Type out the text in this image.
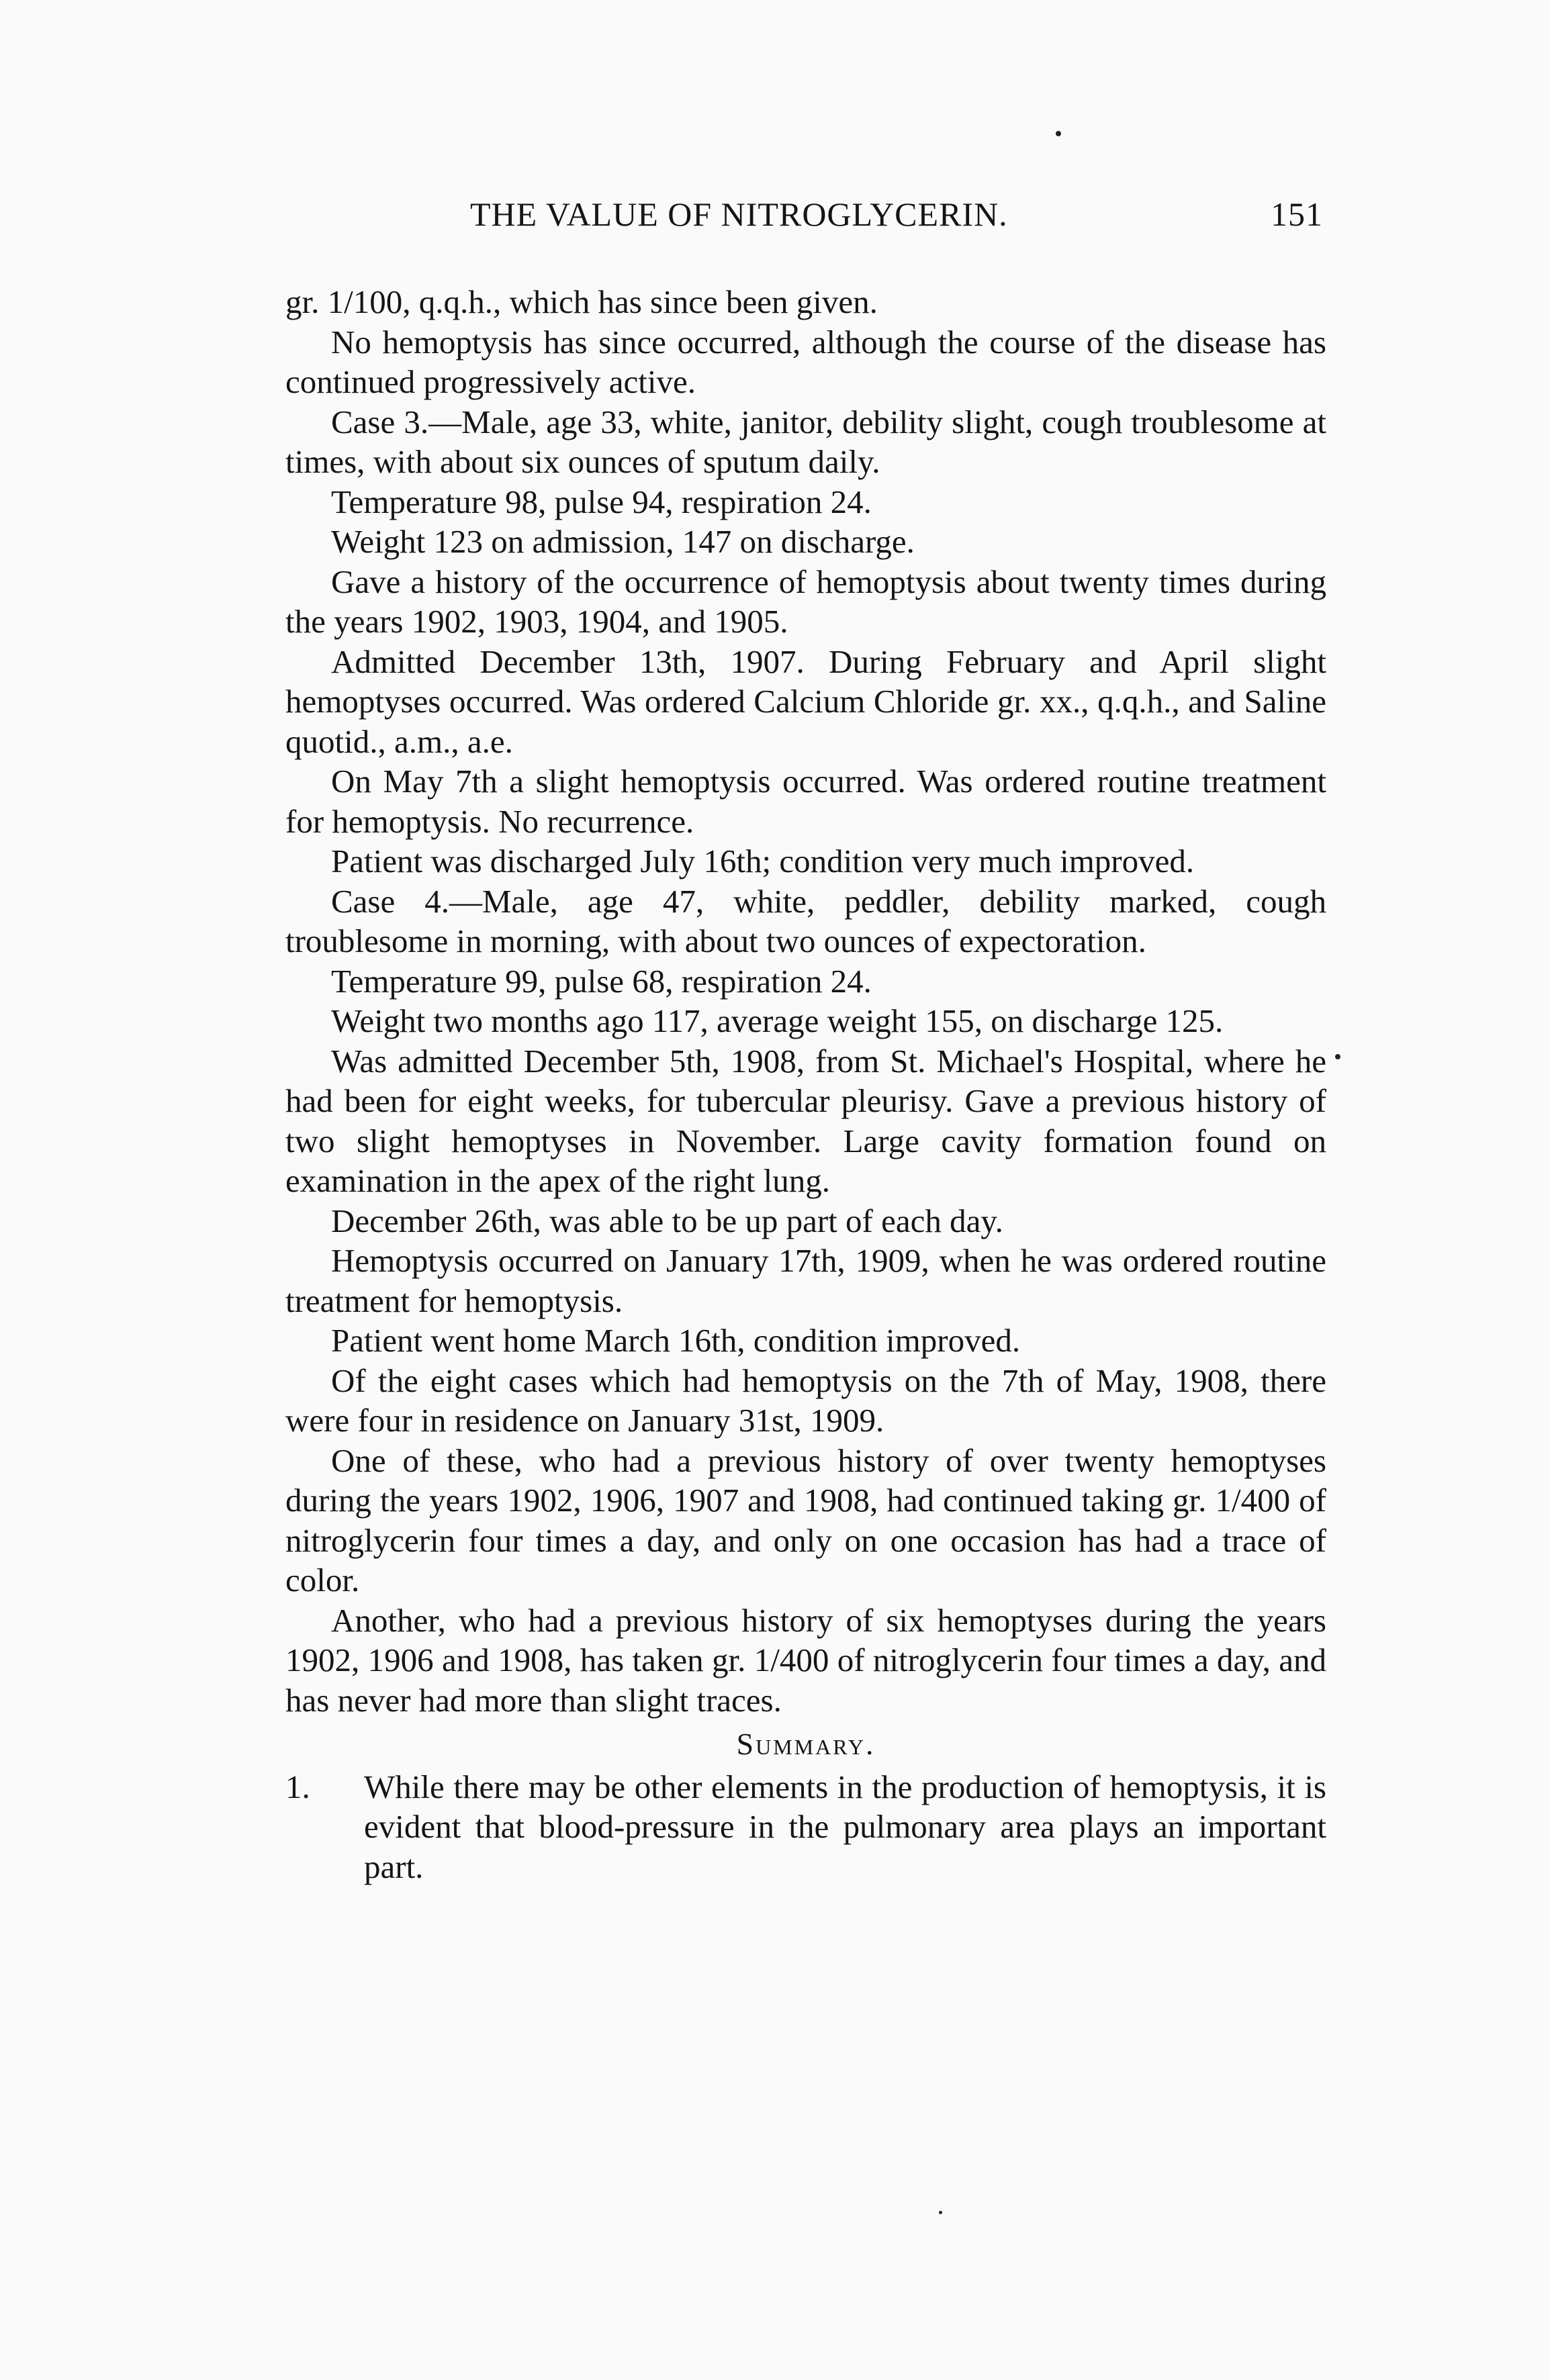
THE VALUE OF NITROGLYCERIN.	151

gr. 1/100, q.q.h., which has since been given.

No hemoptysis has since occurred, although the course of the disease has continued progressively active.

Case 3.—Male, age 33, white, janitor, debility slight, cough troublesome at times, with about six ounces of sputum daily.

Temperature 98, pulse 94, respiration 24.

Weight 123 on admission, 147 on discharge.

Gave a history of the occurrence of hemoptysis about twenty times during the years 1902, 1903, 1904, and 1905.

Admitted December 13th, 1907. During February and April slight hemoptyses occurred. Was ordered Calcium Chloride gr. xx., q.q.h., and Saline quotid., a.m., a.e.

On May 7th a slight hemoptysis occurred. Was ordered routine treatment for hemoptysis. No recurrence.

Patient was discharged July 16th; condition very much improved.

Case 4.—Male, age 47, white, peddler, debility marked, cough troublesome in morning, with about two ounces of expectoration.

Temperature 99, pulse 68, respiration 24.

Weight two months ago 117, average weight 155, on discharge 125.

Was admitted December 5th, 1908, from St. Michael's Hospital, where he had been for eight weeks, for tubercular pleurisy. Gave a previous history of two slight hemoptyses in November. Large cavity formation found on examination in the apex of the right lung.

December 26th, was able to be up part of each day.

Hemoptysis occurred on January 17th, 1909, when he was ordered routine treatment for hemoptysis.

Patient went home March 16th, condition improved.

Of the eight cases which had hemoptysis on the 7th of May, 1908, there were four in residence on January 31st, 1909.

One of these, who had a previous history of over twenty hemoptyses during the years 1902, 1906, 1907 and 1908, had continued taking gr. 1/400 of nitroglycerin four times a day, and only on one occasion has had a trace of color.

Another, who had a previous history of six hemoptyses during the years 1902, 1906 and 1908, has taken gr. 1/400 of nitroglycerin four times a day, and has never had more than slight traces.

Summary.
1. While there may be other elements in the production of hemoptysis, it is evident that blood-pressure in the pulmonary area plays an important part.
